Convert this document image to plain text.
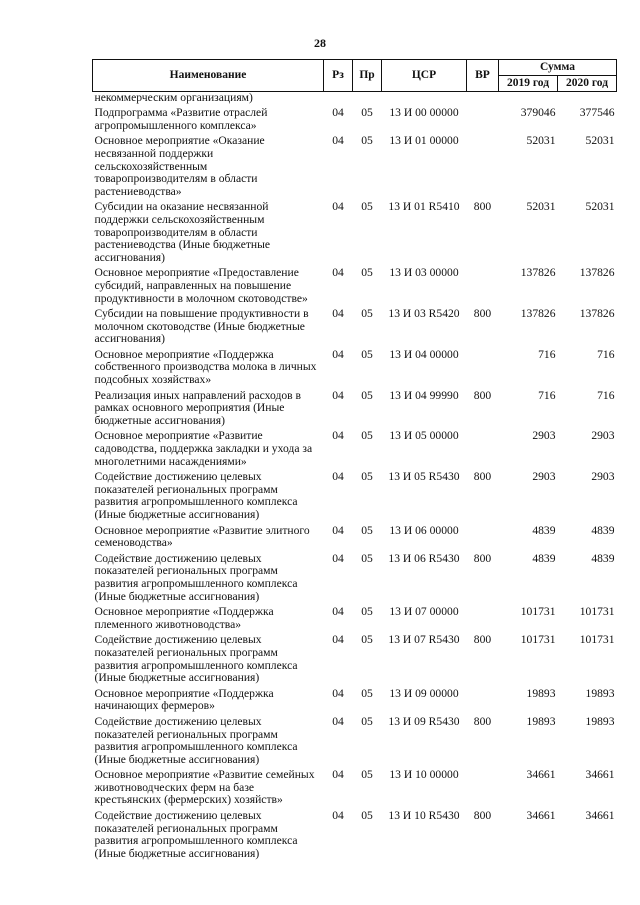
28
Наименование	Рз	Пр	ЦСР	ВР	Сумма	
					2019 год	2020 год
некоммерческим организациям)						
Подпрограмма «Развитие отраслей агропромышленного комплекса»	04	05	13 И 00 00000		379046	377546
Основное мероприятие «Оказание несвязанной поддержки сельскохозяйственным товаропроизводителям в области растениеводства»	04	05	13 И 01 00000		52031	52031
Субсидии на оказание несвязанной поддержки сельскохозяйственным товаропроизводителям в области растениеводства (Иные бюджетные ассигнования)	04	05	13 И 01 R5410	800	52031	52031
Основное мероприятие «Предоставление субсидий, направленных на повышение продуктивности в молочном скотоводстве»	04	05	13 И 03 00000		137826	137826
Субсидии на повышение продуктивности в молочном скотоводстве (Иные бюджетные ассигнования)	04	05	13 И 03 R5420	800	137826	137826
Основное мероприятие «Поддержка собственного производства молока в личных подсобных хозяйствах»	04	05	13 И 04 00000		716	716
Реализация иных направлений расходов в рамках основного мероприятия (Иные бюджетные ассигнования)	04	05	13 И 04 99990	800	716	716
Основное мероприятие «Развитие садоводства, поддержка закладки и ухода за многолетними насаждениями»	04	05	13 И 05 00000		2903	2903
Содействие достижению целевых показателей региональных программ развития агропромышленного комплекса (Иные бюджетные ассигнования)	04	05	13 И 05 R5430	800	2903	2903
Основное мероприятие «Развитие элитного семеноводства»	04	05	13 И 06 00000		4839	4839
Содействие достижению целевых показателей региональных программ развития агропромышленного комплекса (Иные бюджетные ассигнования)	04	05	13 И 06 R5430	800	4839	4839
Основное мероприятие «Поддержка племенного животноводства»	04	05	13 И 07 00000		101731	101731
Содействие достижению целевых показателей региональных программ развития агропромышленного комплекса (Иные бюджетные ассигнования)	04	05	13 И 07 R5430	800	101731	101731
Основное мероприятие «Поддержка начинающих фермеров»	04	05	13 И 09 00000		19893	19893
Содействие достижению целевых показателей региональных программ развития агропромышленного комплекса (Иные бюджетные ассигнования)	04	05	13 И 09 R5430	800	19893	19893
Основное мероприятие «Развитие семейных животноводческих ферм на базе крестьянских (фермерских) хозяйств»	04	05	13 И 10 00000		34661	34661
Содействие достижению целевых показателей региональных программ развития агропромышленного комплекса (Иные бюджетные ассигнования)	04	05	13 И 10 R5430	800	34661	34661
